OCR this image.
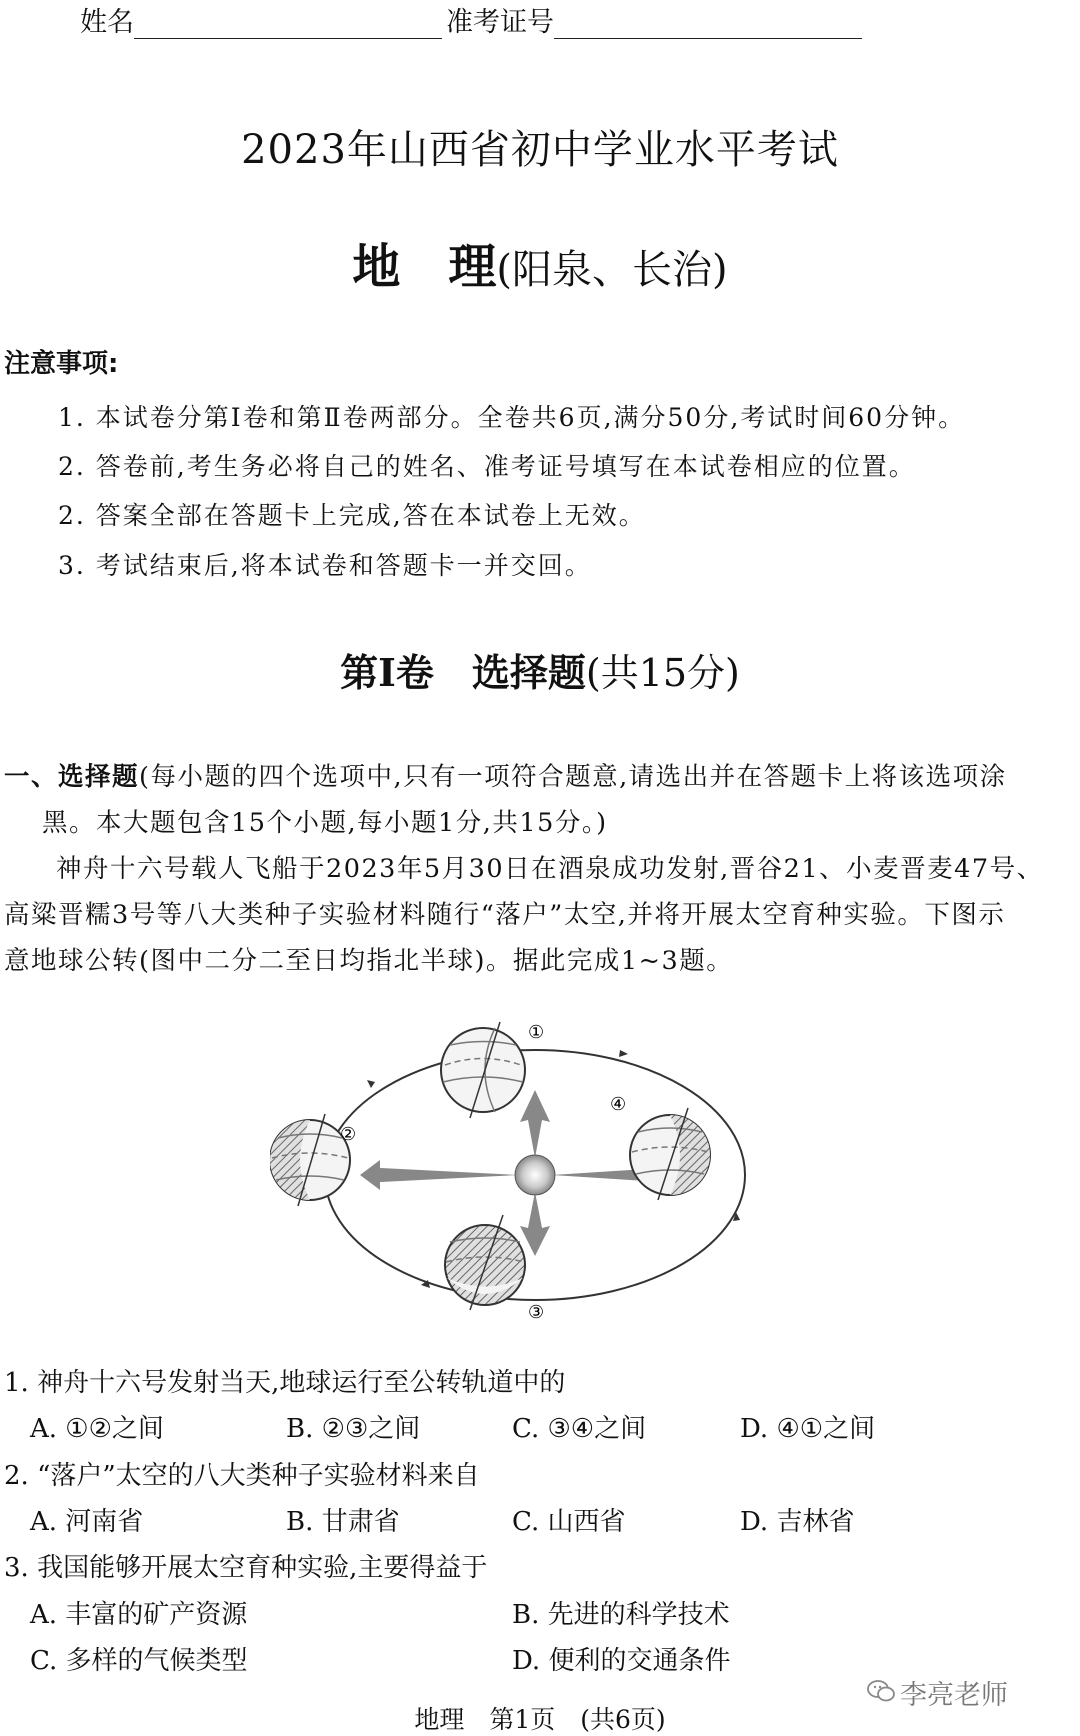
姓名	准考证号
2023年山西省初中学业水平考试
地　理(阳泉、长治)
注意事项:
1. 本试卷分第Ⅰ卷和第Ⅱ卷两部分。全卷共6页,满分50分,考试时间60分钟。
2. 答卷前,考生务必将自己的姓名、准考证号填写在本试卷相应的位置。
2. 答案全部在答题卡上完成,答在本试卷上无效。
3. 考试结束后,将本试卷和答题卡一并交回。
第Ⅰ卷　选择题(共15分)
一、选择题(每小题的四个选项中,只有一项符合题意,请选出并在答题卡上将该选项涂
黑。本大题包含15个小题,每小题1分,共15分。)
神舟十六号载人飞船于2023年5月30日在酒泉成功发射,晋谷21、小麦晋麦47号、
高粱晋糯3号等八大类种子实验材料随行“落户”太空,并将开展太空育种实验。下图示
意地球公转(图中二分二至日均指北半球)。据此完成1~3题。
①
②
③
④
1. 神舟十六号发射当天,地球运行至公转轨道中的
A. ①②之间	B. ②③之间	C. ③④之间	D. ④①之间
2. “落户”太空的八大类种子实验材料来自
A. 河南省	B. 甘肃省	C. 山西省	D. 吉林省
3. 我国能够开展太空育种实验,主要得益于
A. 丰富的矿产资源	B. 先进的科学技术
C. 多样的气候类型	D. 便利的交通条件
李亮老师
地理　第1页　(共6页)
